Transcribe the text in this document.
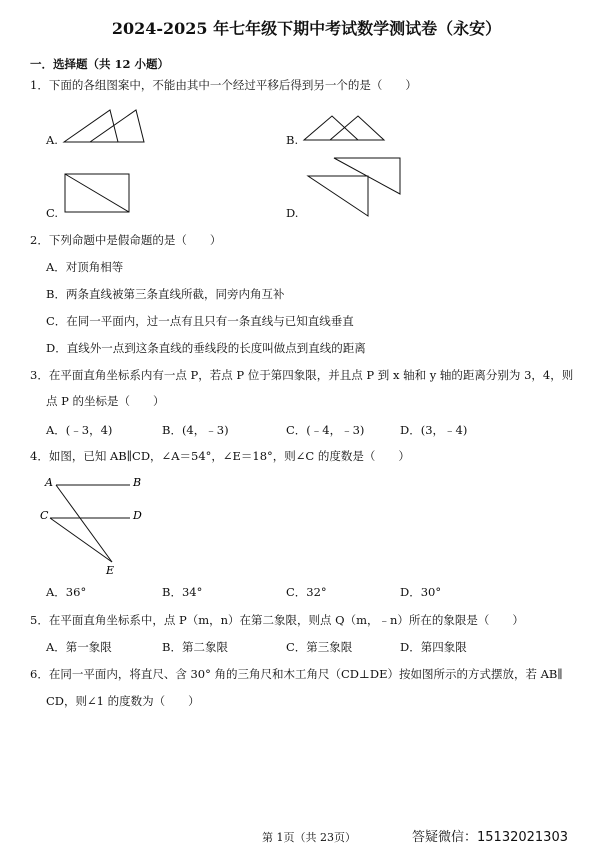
2024-2025 年七年级下期中考试数学测试卷（永安）
一．选择题（共 12 小题）
1．下面的各组图案中，不能由其中一个经过平移后得到另一个的是（　　）
A.	B.
C.	D.
2．下列命题中是假命题的是（　　）
A．对顶角相等
B．两条直线被第三条直线所截，同旁内角互补
C．在同一平面内，过一点有且只有一条直线与已知直线垂直
D．直线外一点到这条直线的垂线段的长度叫做点到直线的距离
3．在平面直角坐标系内有一点 P，若点 P 位于第四象限，并且点 P 到 x 轴和 y 轴的距离分别为 3，4，则
点 P 的坐标是（　　）
A．(﹣3，4)	B．(4，﹣3)	C．(﹣4，﹣3)	D．(3，﹣4)
4．如图，已知 AB∥CD，∠A＝54°，∠E＝18°，则∠C 的度数是（　　）
A	B
C	D
E
A．36°	B．34°	C．32°	D．30°
5．在平面直角坐标系中，点 P（m，n）在第二象限，则点 Q（m，﹣n）所在的象限是（　　）
A．第一象限	B．第二象限	C．第三象限	D．第四象限
6．在同一平面内，将直尺、含 30° 角的三角尺和木工角尺（CD⊥DE）按如图所示的方式摆放，若 AB∥
CD，则∠1 的度数为（　　）
第 1页（共 23页）	答疑微信：15132021303
